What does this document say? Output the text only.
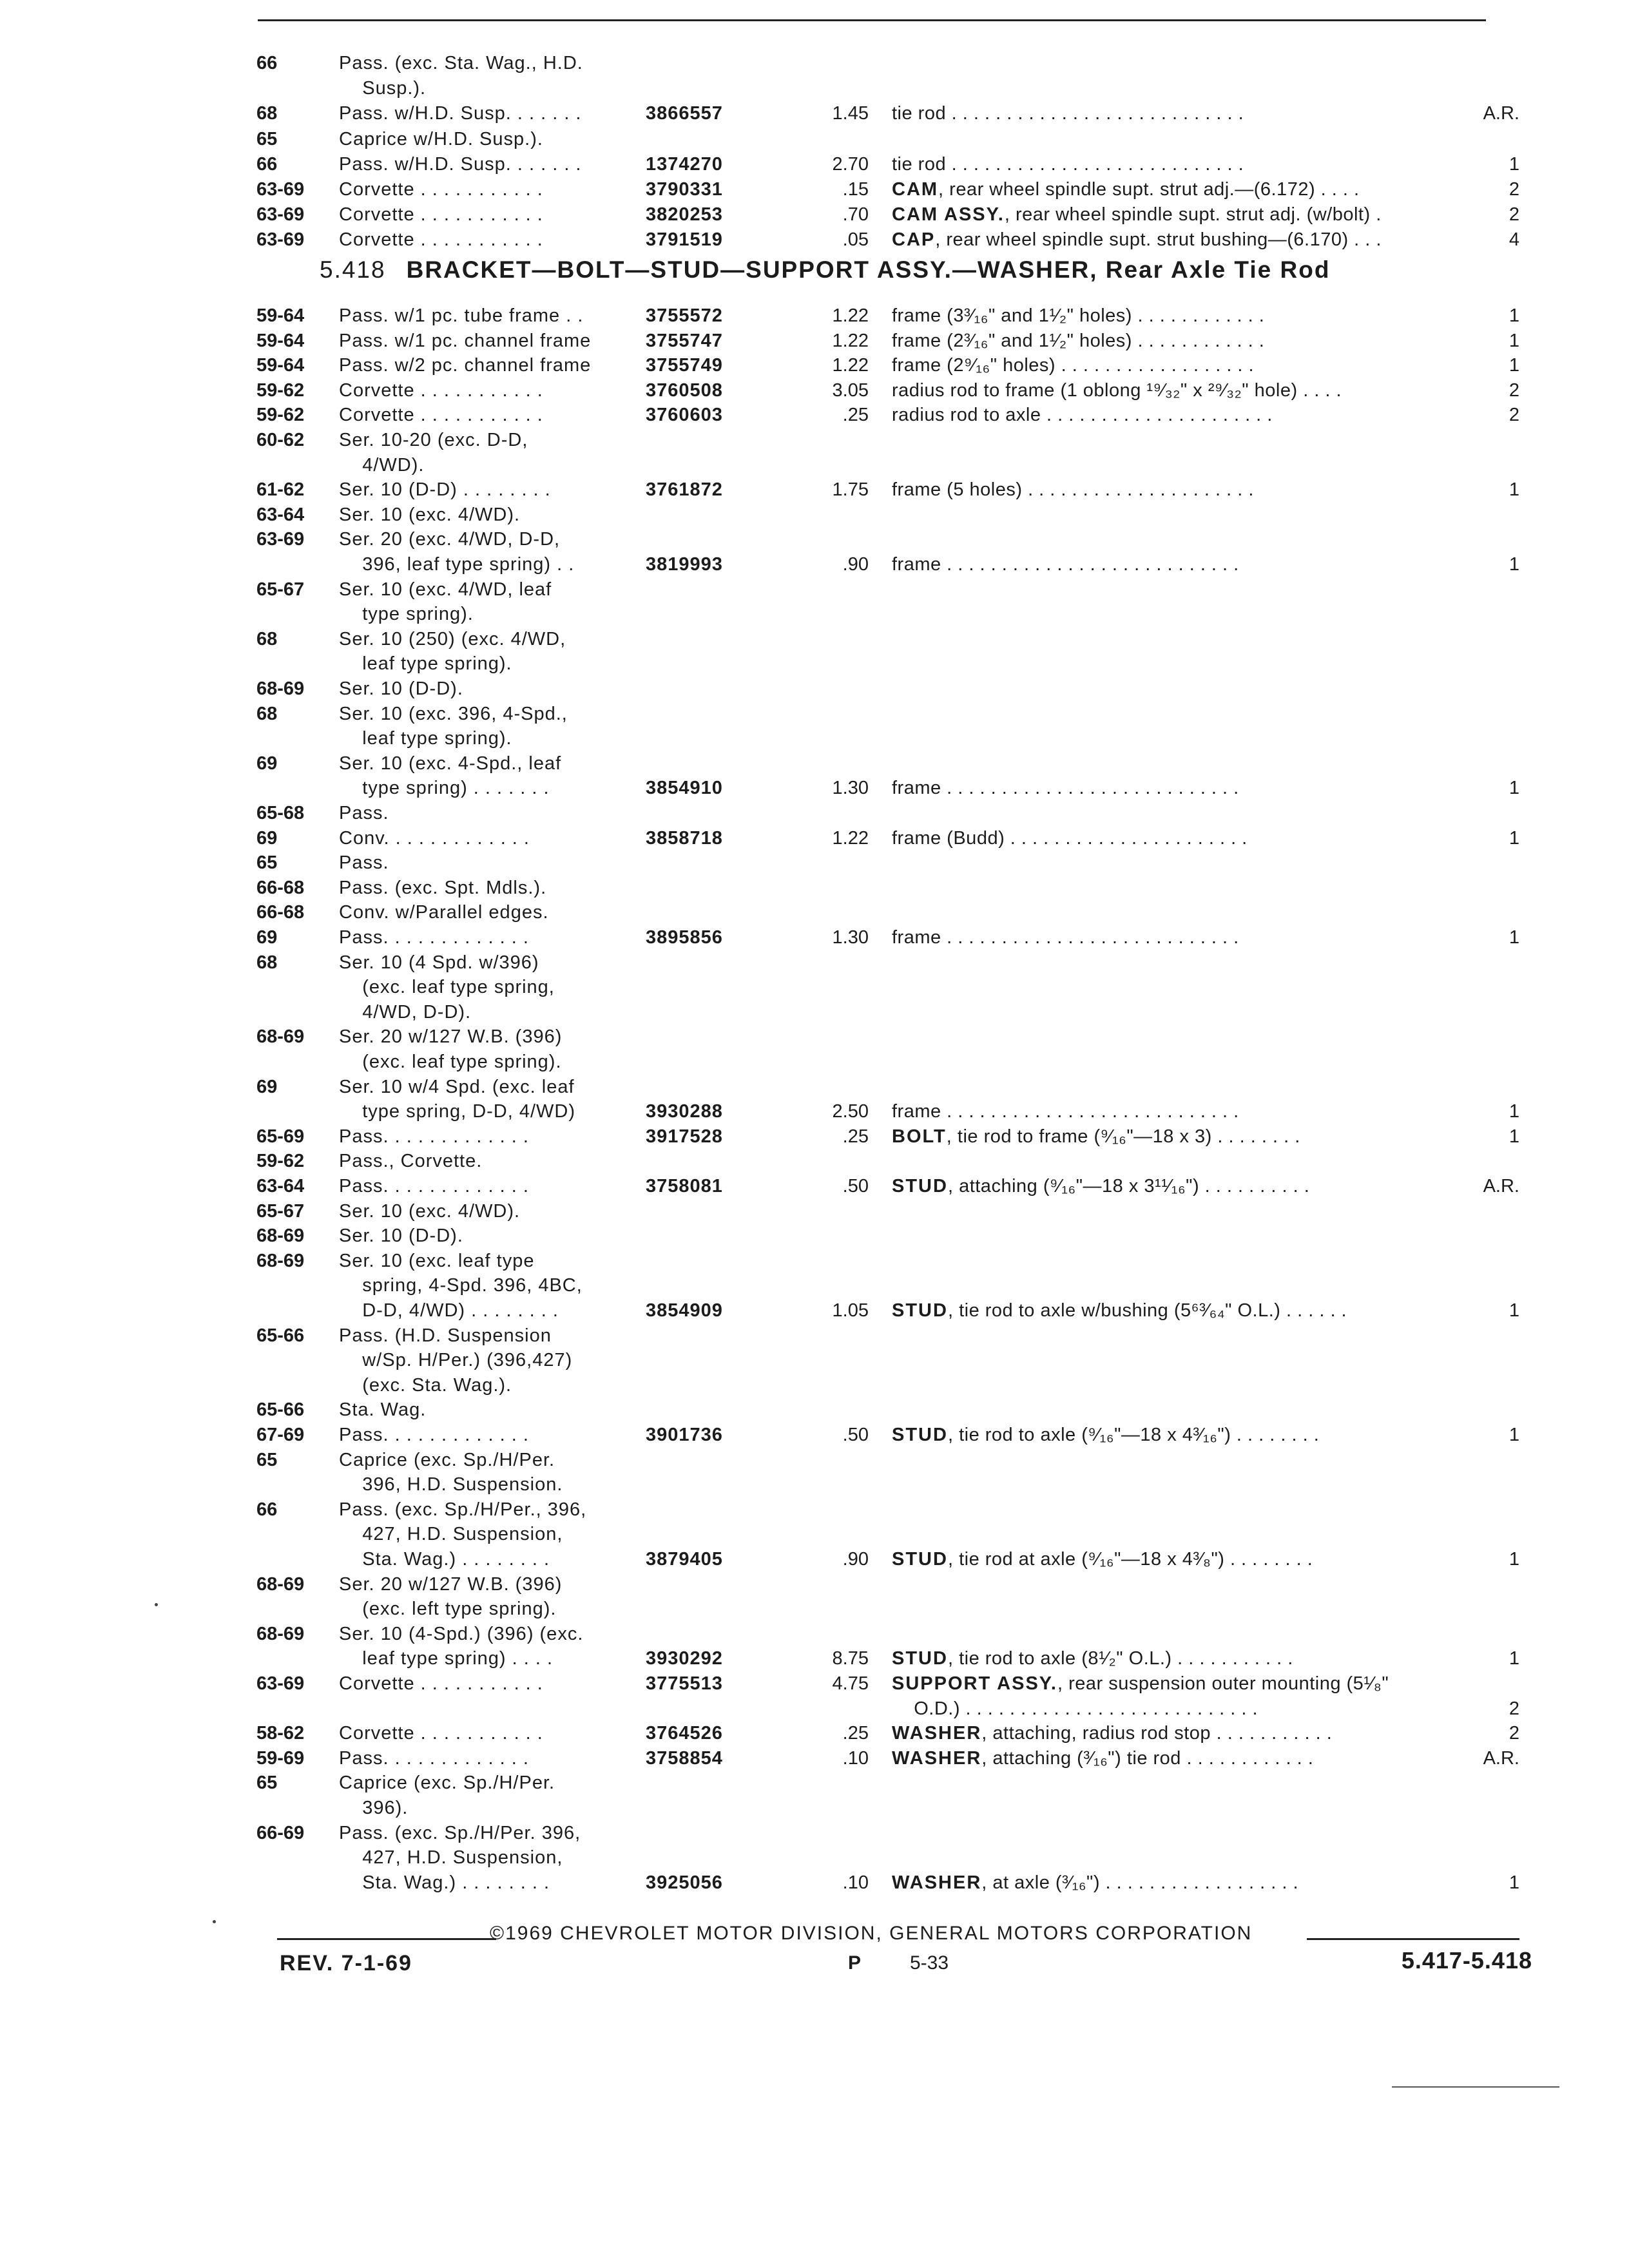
66	Pass. (exc. Sta. Wag., H.D.
Susp.).
68	Pass. w/H.D. Susp. . . . . . .	3866557	1.45 tie rod . . . . . . . . . . . . . . . . . . . . . . . . . . .	A.R.
65	Caprice w/H.D. Susp.).
66	Pass. w/H.D. Susp. . . . . . .	1374270	2.70 tie rod . . . . . . . . . . . . . . . . . . . . . . . . . . .	1
63-69 Corvette . . . . . . . . . . .	3790331	.15 CAM, rear wheel spindle supt. strut adj.—(6.172) . . . .	2
63-69 Corvette . . . . . . . . . . .	3820253	.70 CAM ASSY., rear wheel spindle supt. strut adj. (w/bolt) .	2
63-69 Corvette . . . . . . . . . . .	3791519	.05 CAP, rear wheel spindle supt. strut bushing—(6.170) . . .	4
5.418 BRACKET—BOLT—STUD—SUPPORT ASSY.—WASHER, Rear Axle Tie Rod
59-64 Pass. w/1 pc. tube frame . .	3755572	1.22 frame (3³⁄₁₆" and 1¹⁄₂" holes) . . . . . . . . . . . .	1
59-64 Pass. w/1 pc. channel frame	3755747	1.22 frame (2³⁄₁₆" and 1¹⁄₂" holes) . . . . . . . . . . . .	1
59-64 Pass. w/2 pc. channel frame	3755749	1.22 frame (2⁹⁄₁₆" holes) . . . . . . . . . . . . . . . . . .	1
59-62 Corvette . . . . . . . . . . .	3760508	3.05 radius rod to frame (1 oblong ¹⁹⁄₃₂" x ²⁹⁄₃₂" hole) . . . .	2
59-62 Corvette . . . . . . . . . . .	3760603	.25 radius rod to axle . . . . . . . . . . . . . . . . . . . . .	2
60-62 Ser. 10-20 (exc. D-D,
4/WD).
61-62 Ser. 10 (D-D) . . . . . . . .	3761872	1.75 frame (5 holes) . . . . . . . . . . . . . . . . . . . . .	1
63-64 Ser. 10 (exc. 4/WD).
63-69 Ser. 20 (exc. 4/WD, D-D,
396, leaf type spring) . .	3819993	.90 frame . . . . . . . . . . . . . . . . . . . . . . . . . . .	1
65-67 Ser. 10 (exc. 4/WD, leaf
type spring).
68	Ser. 10 (250) (exc. 4/WD,
leaf type spring).
68-69 Ser. 10 (D-D).
68	Ser. 10 (exc. 396, 4-Spd.,
leaf type spring).
69	Ser. 10 (exc. 4-Spd., leaf
type spring) . . . . . . .	3854910	1.30 frame . . . . . . . . . . . . . . . . . . . . . . . . . . .	1
65-68 Pass.
69	Conv. . . . . . . . . . . . .	3858718	1.22 frame (Budd) . . . . . . . . . . . . . . . . . . . . . .	1
65	Pass.
66-68 Pass. (exc. Spt. Mdls.).
66-68 Conv. w/Parallel edges.
69	Pass. . . . . . . . . . . . .	3895856	1.30 frame . . . . . . . . . . . . . . . . . . . . . . . . . . .	1
68	Ser. 10 (4 Spd. w/396)
(exc. leaf type spring,
4/WD, D-D).
68-69 Ser. 20 w/127 W.B. (396)
(exc. leaf type spring).
69	Ser. 10 w/4 Spd. (exc. leaf
type spring, D-D, 4/WD)	3930288	2.50 frame . . . . . . . . . . . . . . . . . . . . . . . . . . .	1
65-69 Pass. . . . . . . . . . . . .	3917528	.25 BOLT, tie rod to frame (⁹⁄₁₆"—18 x 3) . . . . . . . .	1
59-62 Pass., Corvette.
63-64 Pass. . . . . . . . . . . . .	3758081	.50 STUD, attaching (⁹⁄₁₆"—18 x 3¹¹⁄₁₆") . . . . . . . . . .	A.R.
65-67 Ser. 10 (exc. 4/WD).
68-69 Ser. 10 (D-D).
68-69 Ser. 10 (exc. leaf type
spring, 4-Spd. 396, 4BC,
D-D, 4/WD) . . . . . . . .	3854909	1.05 STUD, tie rod to axle w/bushing (5⁶³⁄₆₄" O.L.) . . . . . .	1
65-66 Pass. (H.D. Suspension
w/Sp. H/Per.) (396,427)
(exc. Sta. Wag.).
65-66 Sta. Wag.
67-69 Pass. . . . . . . . . . . . .	3901736	.50 STUD, tie rod to axle (⁹⁄₁₆"—18 x 4³⁄₁₆") . . . . . . . .	1
65	Caprice (exc. Sp./H/Per.
396, H.D. Suspension.
66	Pass. (exc. Sp./H/Per., 396,
427, H.D. Suspension,
Sta. Wag.) . . . . . . . .	3879405	.90 STUD, tie rod at axle (⁹⁄₁₆"—18 x 4³⁄₈") . . . . . . . .	1
68-69 Ser. 20 w/127 W.B. (396)
(exc. left type spring).
68-69 Ser. 10 (4-Spd.) (396) (exc.
leaf type spring) . . . .	3930292	8.75 STUD, tie rod to axle (8¹⁄₂" O.L.) . . . . . . . . . . .	1
63-69 Corvette . . . . . . . . . . .	3775513	4.75 SUPPORT ASSY., rear suspension outer mounting (5¹⁄₈"
O.D.) . . . . . . . . . . . . . . . . . . . . . . . . . . .	2
58-62 Corvette . . . . . . . . . . .	3764526	.25 WASHER, attaching, radius rod stop . . . . . . . . . . .	2
59-69 Pass. . . . . . . . . . . . .	3758854	.10 WASHER, attaching (³⁄₁₆") tie rod . . . . . . . . . . . .	A.R.
65	Caprice (exc. Sp./H/Per.
396).
66-69 Pass. (exc. Sp./H/Per. 396,
427, H.D. Suspension,
Sta. Wag.) . . . . . . . .	3925056	.10 WASHER, at axle (³⁄₁₆") . . . . . . . . . . . . . . . . . .	1
©1969 CHEVROLET MOTOR DIVISION, GENERAL MOTORS CORPORATION
REV. 7-1-69	P	5-33	5.417-5.418
